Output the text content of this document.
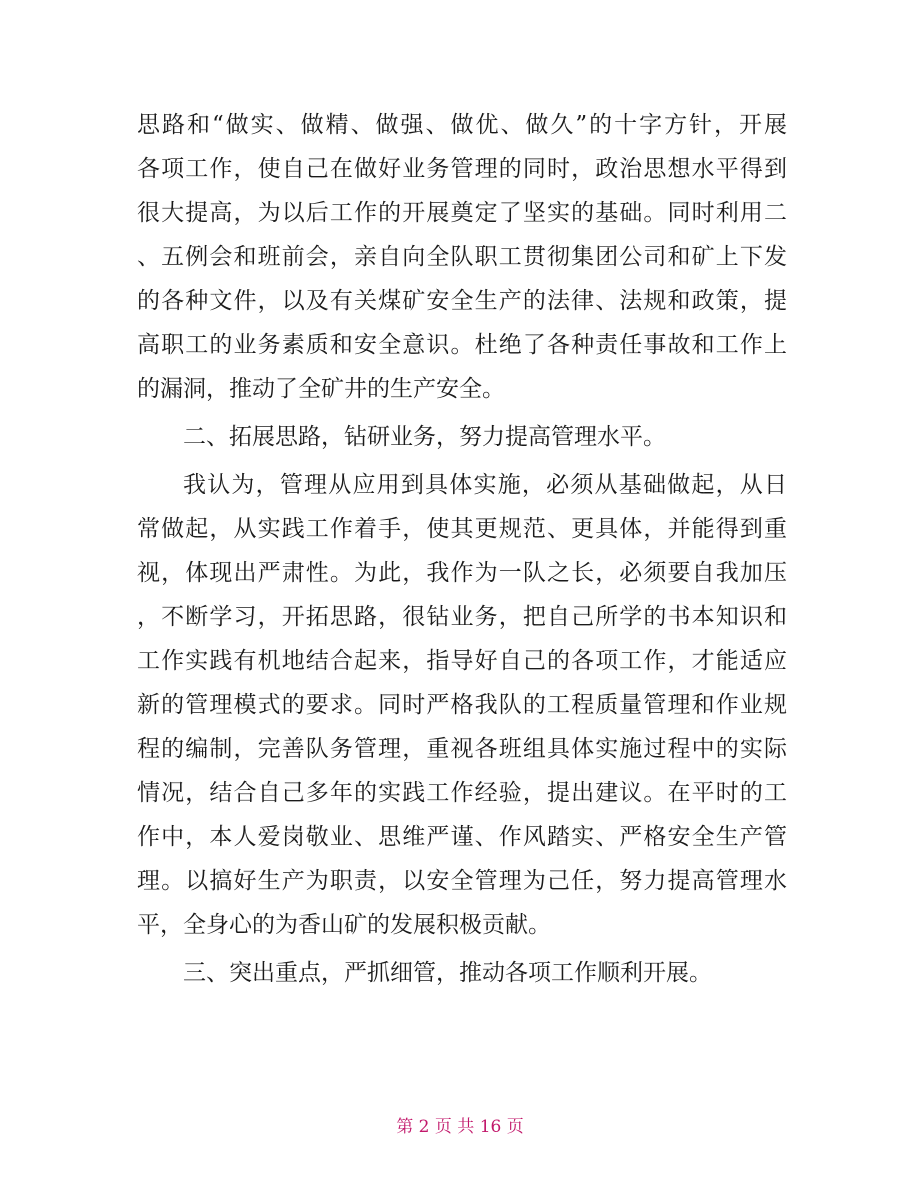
思路和“做实、做精、做强、做优、做久”的十字方针，开展
各项工作，使自己在做好业务管理的同时，政治思想水平得到
很大提高，为以后工作的开展奠定了坚实的基础。同时利用二
、五例会和班前会，亲自向全队职工贯彻集团公司和矿上下发
的各种文件，以及有关煤矿安全生产的法律、法规和政策，提
高职工的业务素质和安全意识。杜绝了各种责任事故和工作上
的漏洞，推动了全矿井的生产安全。
二、拓展思路，钻研业务，努力提高管理水平。
我认为，管理从应用到具体实施，必须从基础做起，从日
常做起，从实践工作着手，使其更规范、更具体，并能得到重
视，体现出严肃性。为此，我作为一队之长，必须要自我加压
，不断学习，开拓思路，很钻业务，把自己所学的书本知识和
工作实践有机地结合起来，指导好自己的各项工作，才能适应
新的管理模式的要求。同时严格我队的工程质量管理和作业规
程的编制，完善队务管理，重视各班组具体实施过程中的实际
情况，结合自己多年的实践工作经验，提出建议。在平时的工
作中，本人爱岗敬业、思维严谨、作风踏实、严格安全生产管
理。以搞好生产为职责，以安全管理为己任，努力提高管理水
平，全身心的为香山矿的发展积极贡献。
三、突出重点，严抓细管，推动各项工作顺利开展。
第 2 页 共 16 页
